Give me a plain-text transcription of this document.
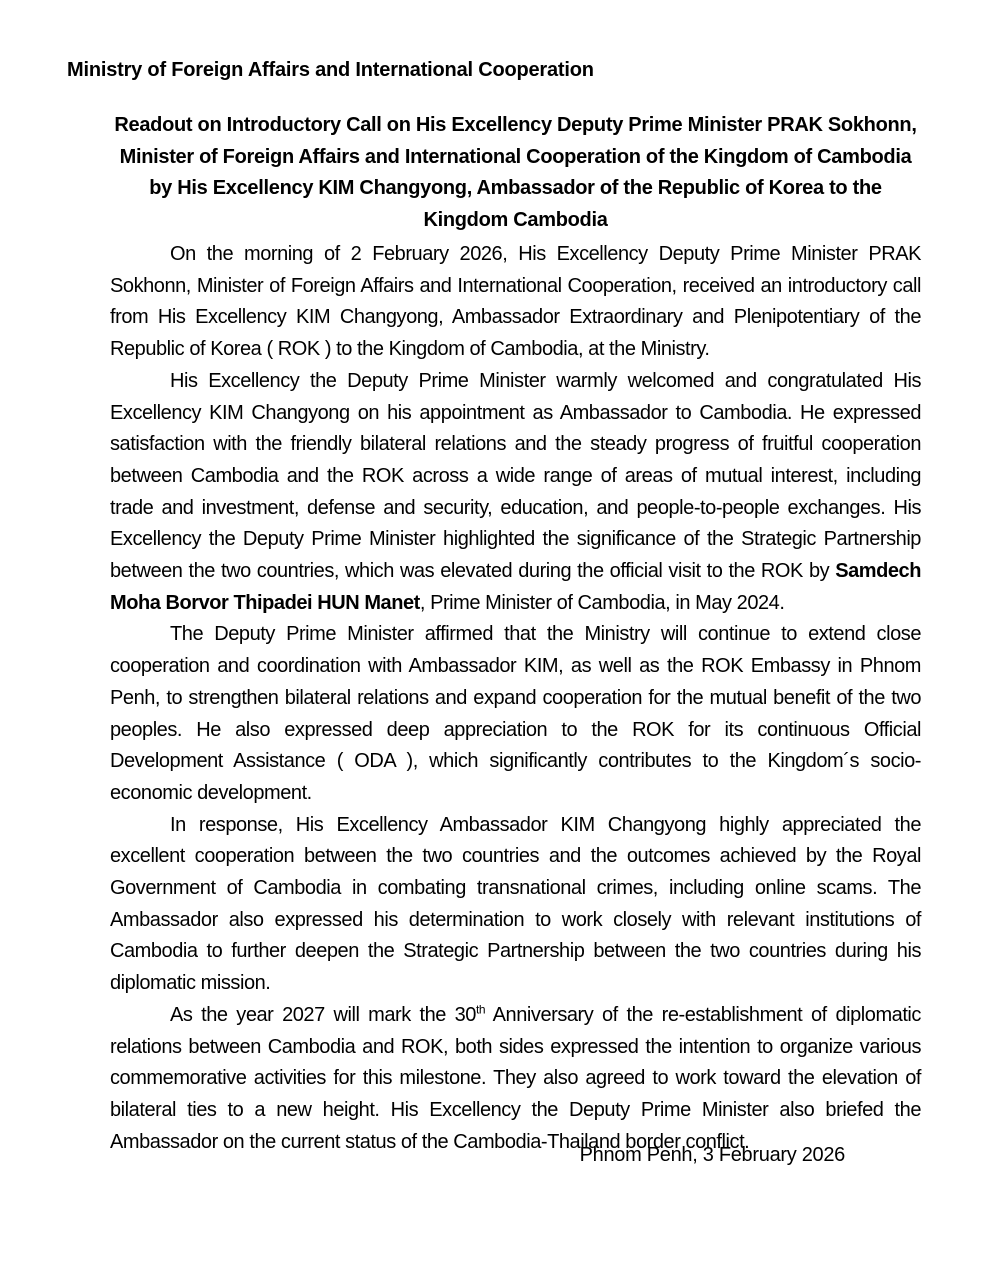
Ministry of Foreign Affairs and International Cooperation
Readout on Introductory Call on His Excellency Deputy Prime Minister PRAK Sokhonn, Minister of Foreign Affairs and International Cooperation of the Kingdom of Cambodia by His Excellency KIM Changyong, Ambassador of the Republic of Korea to the Kingdom Cambodia

On the morning of 2 February 2026, His Excellency Deputy Prime Minister PRAK Sokhonn, Minister of Foreign Affairs and International Cooperation, received an introductory call from His Excellency KIM Changyong, Ambassador Extraordinary and Plenipotentiary of the Republic of Korea ( ROK ) to the Kingdom of Cambodia, at the Ministry.

His Excellency the Deputy Prime Minister warmly welcomed and congratulated His Excellency KIM Changyong on his appointment as Ambassador to Cambodia. He expressed satisfaction with the friendly bilateral relations and the steady progress of fruitful cooperation between Cambodia and the ROK across a wide range of areas of mutual interest, including trade and investment, defense and security, education, and people-to-people exchanges. His Excellency the Deputy Prime Minister highlighted the significance of the Strategic Partnership between the two countries, which was elevated during the official visit to the ROK by Samdech Moha Borvor Thipadei HUN Manet, Prime Minister of Cambodia, in May 2024.

The Deputy Prime Minister affirmed that the Ministry will continue to extend close cooperation and coordination with Ambassador KIM, as well as the ROK Embassy in Phnom Penh, to strengthen bilateral relations and expand cooperation for the mutual benefit of the two peoples. He also expressed deep appreciation to the ROK for its continuous Official Development Assistance ( ODA ), which significantly contributes to the Kingdom´s socio-economic development.

In response, His Excellency Ambassador KIM Changyong highly appreciated the excellent cooperation between the two countries and the outcomes achieved by the Royal Government of Cambodia in combating transnational crimes, including online scams. The Ambassador also expressed his determination to work closely with relevant institutions of Cambodia to further deepen the Strategic Partnership between the two countries during his diplomatic mission.

As the year 2027 will mark the 30th Anniversary of the re-establishment of diplomatic relations between Cambodia and ROK, both sides expressed the intention to organize various commemorative activities for this milestone. They also agreed to work toward the elevation of bilateral ties to a new height. His Excellency the Deputy Prime Minister also briefed the Ambassador on the current status of the Cambodia-Thailand border conflict.

Phnom Penh, 3 February 2026
